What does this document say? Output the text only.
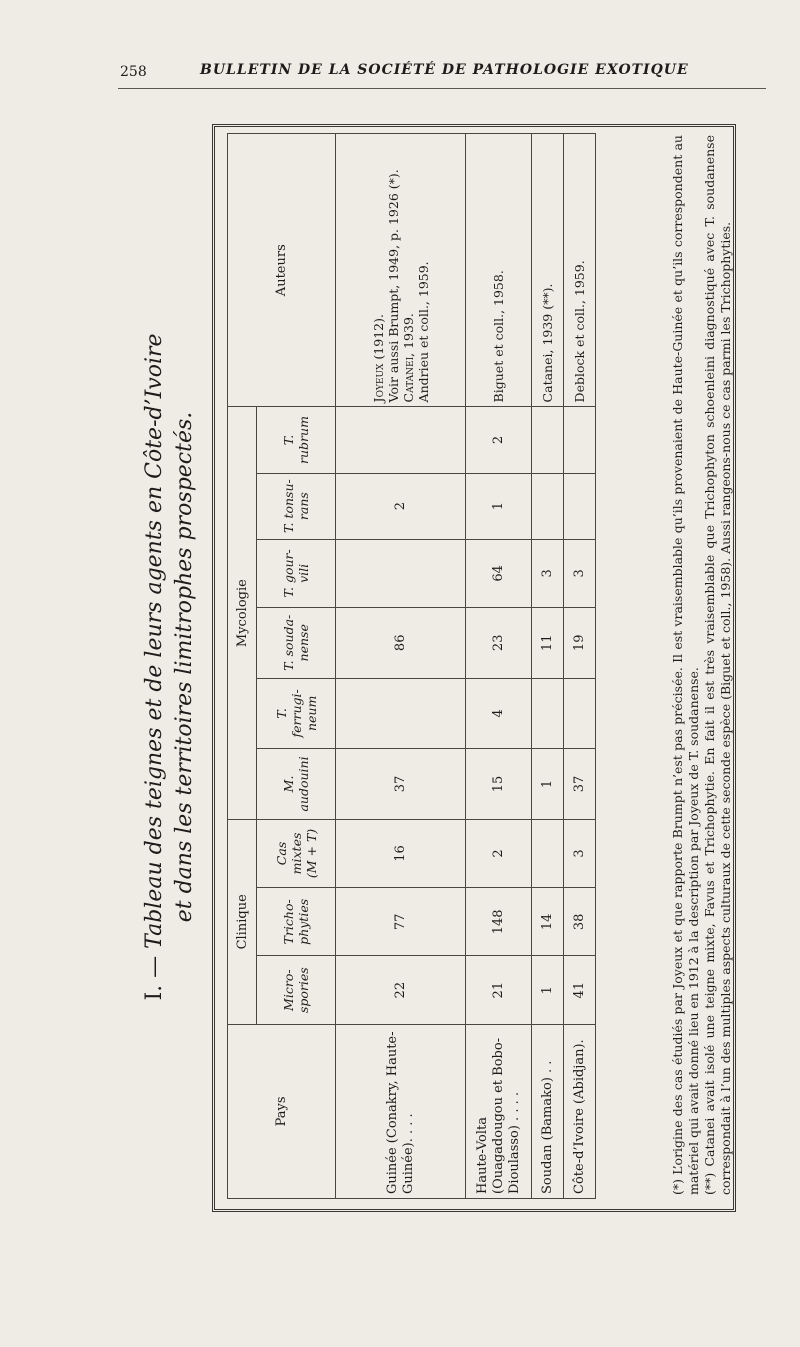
258	BULLETIN DE LA SOCIÉTÉ DE PATHOLOGIE EXOTIQUE
I. — Tableau des teignes et de leurs agents en Côte-d’Ivoire et dans les territoires limitrophes prospectés.
Pays	Clinique			Mycologie						Auteurs
	Micro-spories	Tricho-phyties	Cas mixtes (M + T)	M. audouini	T. ferrugi-neum	T. souda-nense	T. gour-vili	T. tonsu-rans	T. rubrum	
Guinée (Conakry, Haute-Guinée). . . .	22	77	16	37		86		2		Joyeux (1912). Voir aussi Brumpt, 1949, p. 1926 (*). Catanei, 1939. Andrieu et coll., 1959.

Haute-Volta (Ouagadougou et Bobo-Dioulasso) . . . .	21	148	2	15	4	23	64	1	2	Biguet et coll., 1958.

Soudan (Bamako) . .	1	14		1		11	3			Catanei, 1939 (**).

Côte-d’Ivoire (Abidjan).	41	38	3	37		19	3			Deblock et coll., 1959.	(*) L’origine des cas étudiés par Joyeux et que rapporte Brumpt n’est pas précisée. Il est vraisemblable qu’ils provenaient de Haute-Guinée et qu’ils correspondent au matériel qui avait donné lieu en 1912 à la description par Joyeux de T. soudanense. (**) Catanei avait isolé une teigne mixte, Favus et Trichophytie. En fait il est très vraisemblable que Trichophyton schoenleini diagnostiqué avec T. soudanense correspondait à l’un des multiples aspects culturaux de cette seconde espèce (Biguet et coll., 1958). Aussi rangeons-nous ce cas parmi les Trichophyties.
